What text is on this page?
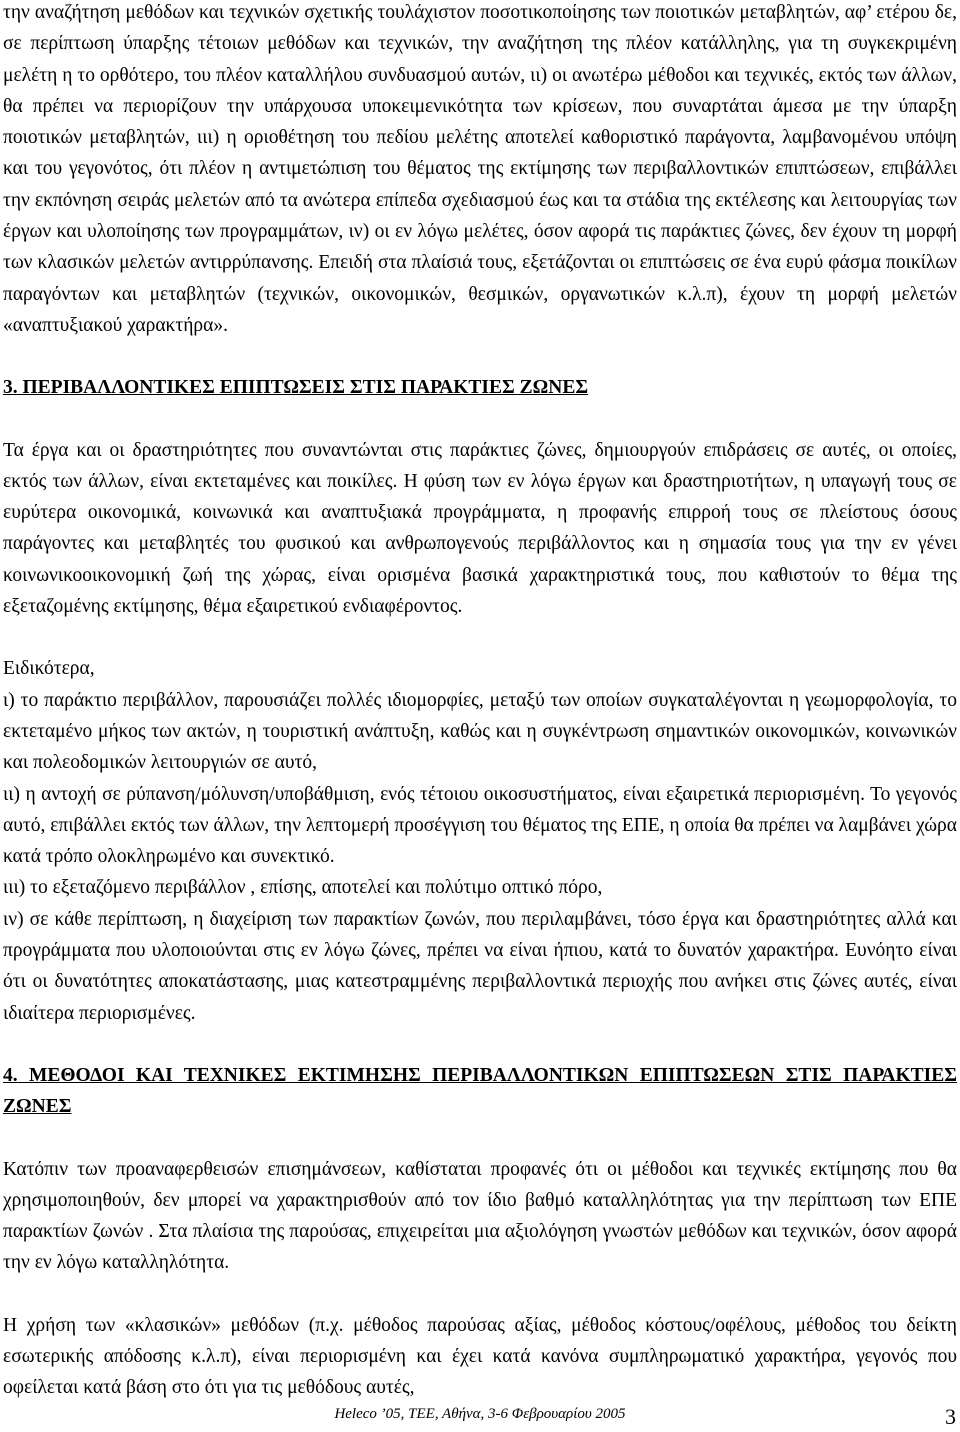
την αναζήτηση μεθόδων και τεχνικών σχετικής τουλάχιστον ποσοτικοποίησης των ποιοτικών μεταβλητών, αφ’ ετέρου δε, σε περίπτωση ύπαρξης τέτοιων μεθόδων και τεχνικών, την αναζήτηση της πλέον κατάλληλης, για τη συγκεκριμένη μελέτη η το ορθότερο, του πλέον καταλλήλου συνδυασμού αυτών, ιι) οι ανωτέρω μέθοδοι και τεχνικές, εκτός των άλλων, θα πρέπει να περιορίζουν την υπάρχουσα υποκειμενικότητα των κρίσεων, που συναρτάται άμεσα με την ύπαρξη ποιοτικών μεταβλητών, ιιι) η οριοθέτηση του πεδίου μελέτης αποτελεί καθοριστικό παράγοντα, λαμβανομένου υπόψη και του γεγονότος, ότι πλέον η αντιμετώπιση του θέματος της εκτίμησης των περιβαλλοντικών επιπτώσεων, επιβάλλει την εκπόνηση σειράς μελετών από τα ανώτερα επίπεδα σχεδιασμού έως και τα στάδια της εκτέλεσης και λειτουργίας των έργων και υλοποίησης των προγραμμάτων, ιν) οι εν λόγω μελέτες, όσον αφορά τις παράκτιες ζώνες, δεν έχουν τη μορφή των κλασικών μελετών αντιρρύπανσης. Επειδή στα πλαίσιά τους, εξετάζονται οι επιπτώσεις σε ένα ευρύ φάσμα ποικίλων παραγόντων και μεταβλητών (τεχνικών, οικονομικών, θεσμικών, οργανωτικών κ.λ.π), έχουν τη μορφή μελετών «αναπτυξιακού χαρακτήρα».

3. ΠΕΡΙΒΑΛΛΟΝΤΙΚΕΣ ΕΠΙΠΤΩΣΕΙΣ ΣΤΙΣ ΠΑΡΑΚΤΙΕΣ ΖΩΝΕΣ

Τα έργα και οι δραστηριότητες που συναντώνται στις παράκτιες ζώνες, δημιουργούν επιδράσεις σε αυτές, οι οποίες, εκτός των άλλων, είναι εκτεταμένες και ποικίλες. Η φύση των εν λόγω έργων και δραστηριοτήτων, η υπαγωγή τους σε ευρύτερα οικονομικά, κοινωνικά και αναπτυξιακά προγράμματα, η προφανής επιρροή τους σε πλείστους όσους παράγοντες και μεταβλητές του φυσικού και ανθρωπογενούς περιβάλλοντος και η σημασία τους για την εν γένει κοινωνικοοικονομική ζωή της χώρας, είναι ορισμένα βασικά χαρακτηριστικά τους, που καθιστούν το θέμα της εξεταζομένης εκτίμησης, θέμα εξαιρετικού ενδιαφέροντος.

Ειδικότερα,

ι) το παράκτιο περιβάλλον, παρουσιάζει πολλές ιδιομορφίες, μεταξύ των οποίων συγκαταλέγονται η γεωμορφολογία, το εκτεταμένο μήκος των ακτών, η τουριστική ανάπτυξη, καθώς και η συγκέντρωση σημαντικών οικονομικών, κοινωνικών και πολεοδομικών λειτουργιών σε αυτό,

ιι) η αντοχή σε ρύπανση/μόλυνση/υποβάθμιση, ενός τέτοιου οικοσυστήματος, είναι εξαιρετικά περιορισμένη. Το γεγονός αυτό, επιβάλλει εκτός των άλλων, την λεπτομερή προσέγγιση του θέματος της ΕΠΕ, η οποία θα πρέπει να λαμβάνει χώρα κατά τρόπο ολοκληρωμένο και συνεκτικό.

ιιι) το εξεταζόμενο περιβάλλον , επίσης, αποτελεί και πολύτιμο οπτικό πόρο,

ιν) σε κάθε περίπτωση, η διαχείριση των παρακτίων ζωνών, που περιλαμβάνει, τόσο έργα και δραστηριότητες αλλά και προγράμματα που υλοποιούνται στις εν λόγω ζώνες, πρέπει να είναι ήπιου, κατά το δυνατόν χαρακτήρα. Ευνόητο είναι ότι οι δυνατότητες αποκατάστασης, μιας κατεστραμμένης περιβαλλοντικά περιοχής που ανήκει στις ζώνες αυτές, είναι ιδιαίτερα περιορισμένες.

4. ΜΕΘΟΔΟΙ ΚΑΙ ΤΕΧΝΙΚΕΣ ΕΚΤΙΜΗΣΗΣ ΠΕΡΙΒΑΛΛΟΝΤΙΚΩΝ ΕΠΙΠΤΩΣΕΩΝ ΣΤΙΣ ΠΑΡΑΚΤΙΕΣ ΖΩΝΕΣ

Κατόπιν των προαναφερθεισών επισημάνσεων, καθίσταται προφανές ότι οι μέθοδοι και τεχνικές εκτίμησης που θα χρησιμοποιηθούν, δεν μπορεί να χαρακτηρισθούν από τον ίδιο βαθμό καταλληλότητας για την περίπτωση των ΕΠΕ παρακτίων ζωνών . Στα πλαίσια της παρούσας, επιχειρείται μια αξιολόγηση γνωστών μεθόδων και τεχνικών, όσον αφορά την εν λόγω καταλληλότητα.

Η χρήση των «κλασικών» μεθόδων (π.χ. μέθοδος παρούσας αξίας, μέθοδος κόστους/οφέλους, μέθοδος του δείκτη εσωτερικής απόδοσης κ.λ.π), είναι περιορισμένη και έχει κατά κανόνα συμπληρωματικό χαρακτήρα, γεγονός που οφείλεται κατά βάση στο ότι για τις μεθόδους αυτές,

Heleco ’05, ΤΕΕ, Αθήνα, 3-6 Φεβρουαρίου 2005	3
